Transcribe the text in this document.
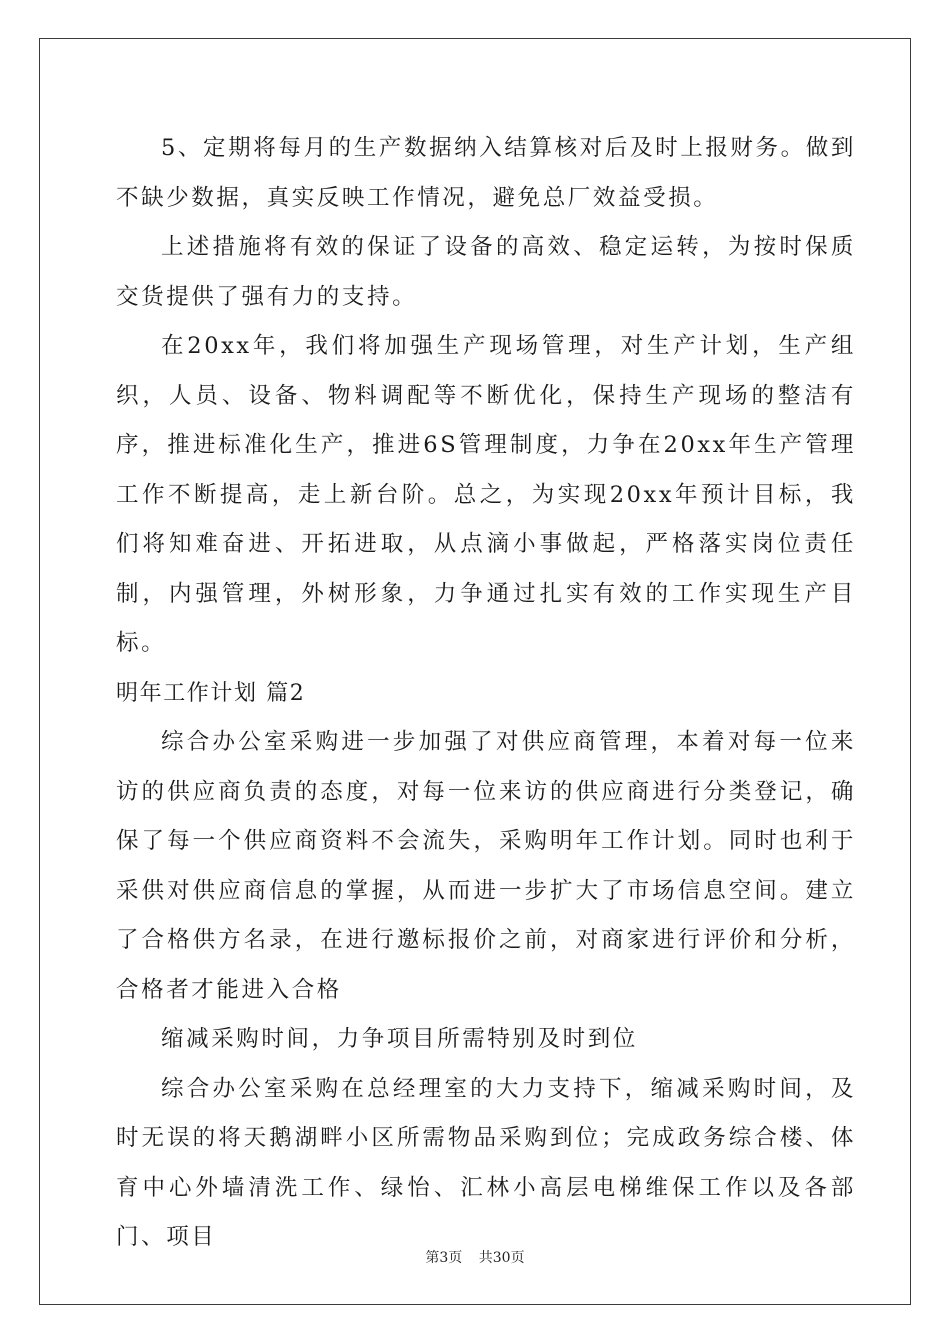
5、定期将每月的生产数据纳入结算核对后及时上报财务。做到不缺少数据，真实反映工作情况，避免总厂效益受损。

上述措施将有效的保证了设备的高效、稳定运转，为按时保质交货提供了强有力的支持。

在20xx年，我们将加强生产现场管理，对生产计划，生产组织，人员、设备、物料调配等不断优化，保持生产现场的整洁有序，推进标准化生产，推进6S管理制度，力争在20xx年生产管理工作不断提高，走上新台阶。总之，为实现20xx年预计目标，我们将知难奋进、开拓进取，从点滴小事做起，严格落实岗位责任制，内强管理，外树形象，力争通过扎实有效的工作实现生产目标。

明年工作计划 篇2

综合办公室采购进一步加强了对供应商管理，本着对每一位来访的供应商负责的态度，对每一位来访的供应商进行分类登记，确保了每一个供应商资料不会流失，采购明年工作计划。同时也利于采供对供应商信息的掌握，从而进一步扩大了市场信息空间。建立了合格供方名录，在进行邀标报价之前，对商家进行评价和分析，合格者才能进入合格

缩减采购时间，力争项目所需特别及时到位

综合办公室采购在总经理室的大力支持下，缩减采购时间，及时无误的将天鹅湖畔小区所需物品采购到位；完成政务综合楼、体育中心外墙清洗工作、绿怡、汇林小高层电梯维保工作以及各部门、项目

第3页 共30页
